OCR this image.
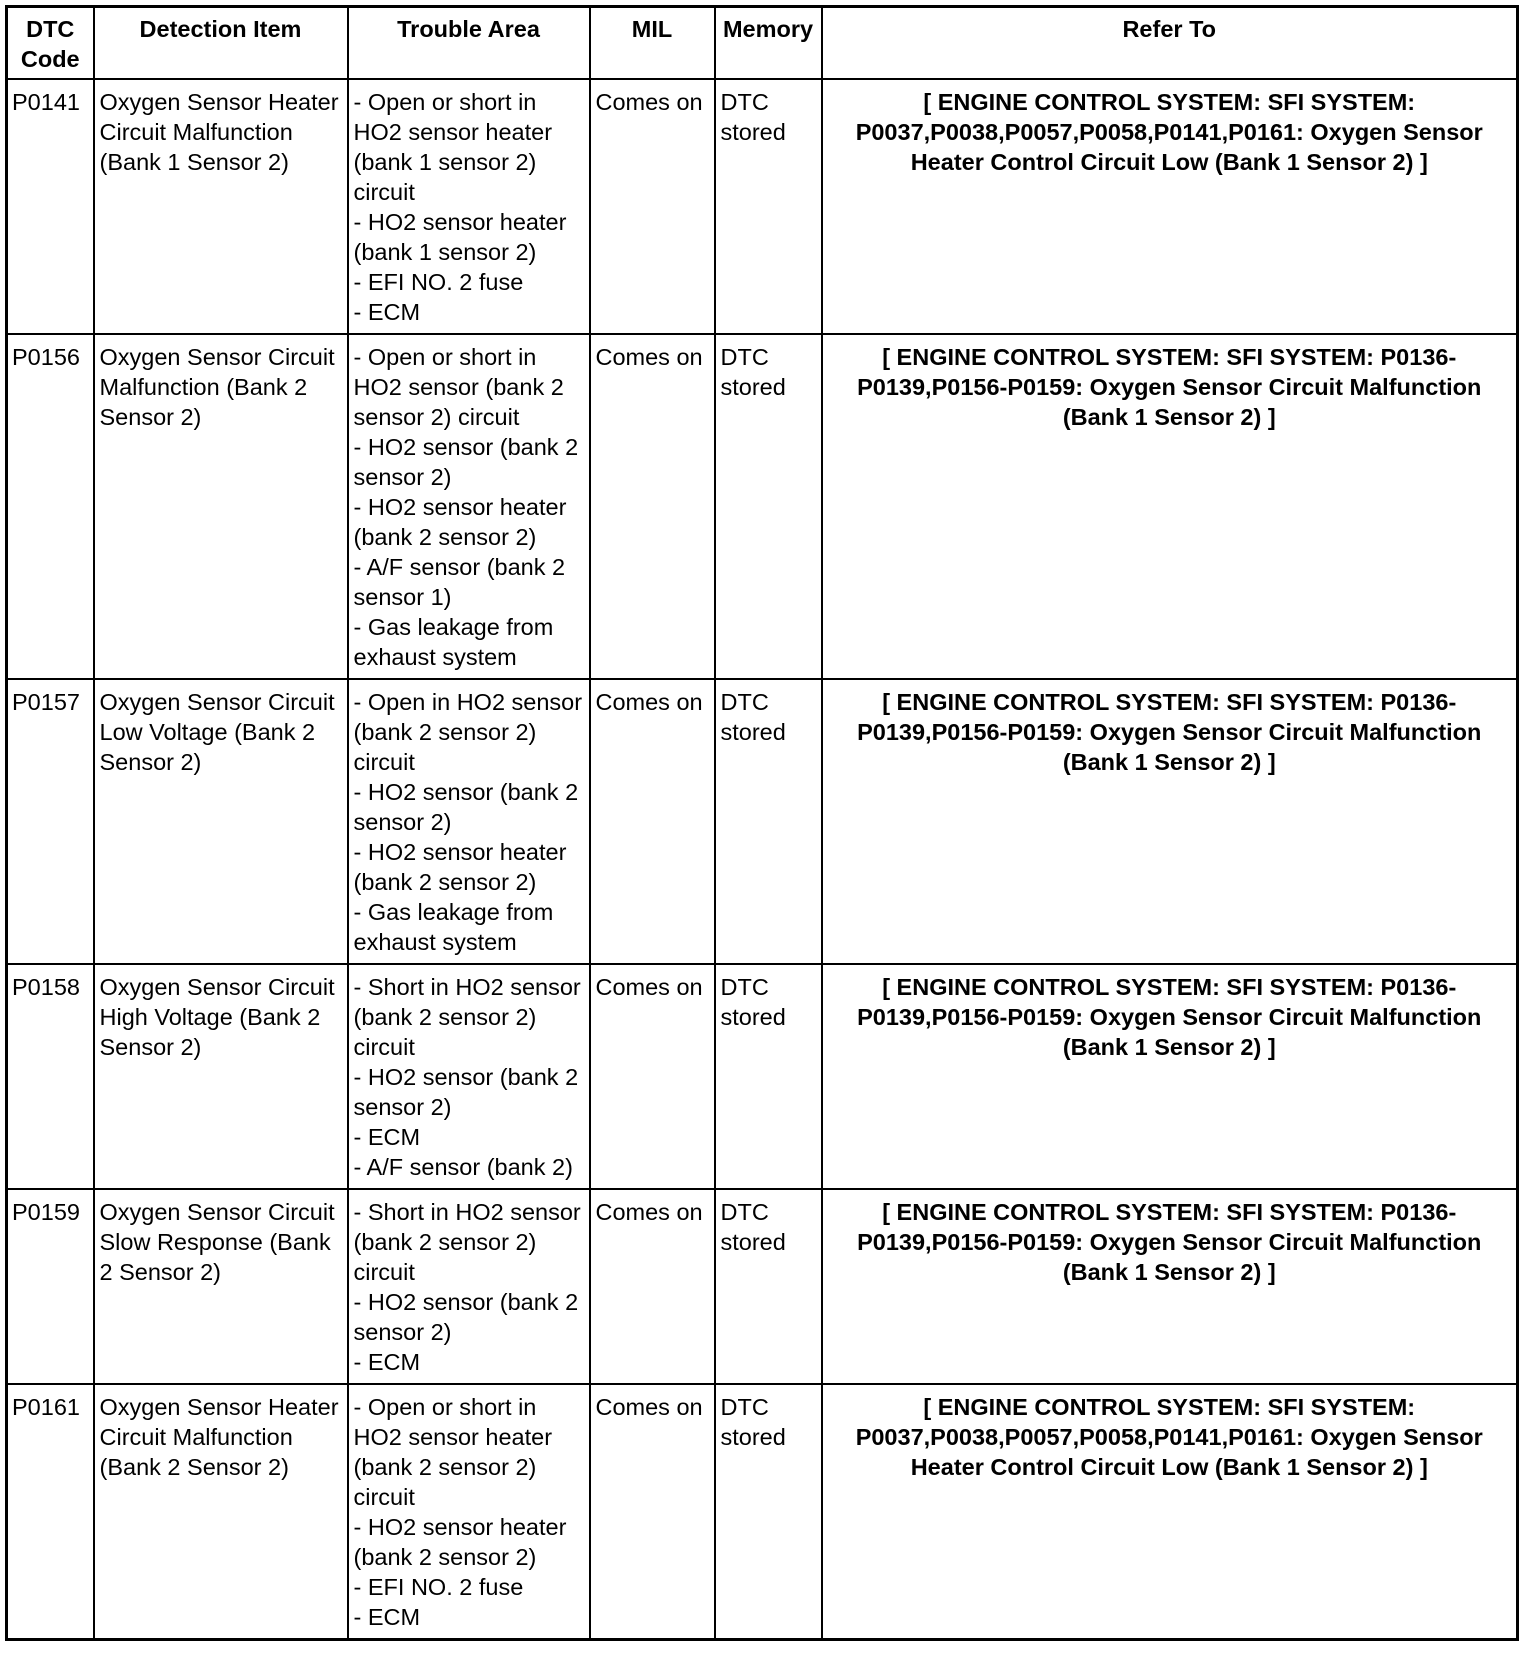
DTC Code	Detection Item	Trouble Area	MIL	Memory	Refer To
P0141	Oxygen Sensor Heater Circuit Malfunction (Bank 1 Sensor 2)	- Open or short in HO2 sensor heater (bank 1 sensor 2) circuit
- HO2 sensor heater (bank 1 sensor 2)
- EFI NO. 2 fuse
- ECM	Comes on	DTC stored	[ ENGINE CONTROL SYSTEM: SFI SYSTEM: P0037,P0038,P0057,P0058,P0141,P0161: Oxygen Sensor Heater Control Circuit Low (Bank 1 Sensor 2) ]
P0156	Oxygen Sensor Circuit Malfunction (Bank 2 Sensor 2)	- Open or short in HO2 sensor (bank 2 sensor 2) circuit
- HO2 sensor (bank 2 sensor 2)
- HO2 sensor heater (bank 2 sensor 2)
- A/F sensor (bank 2 sensor 1)
- Gas leakage from exhaust system	Comes on	DTC stored	[ ENGINE CONTROL SYSTEM: SFI SYSTEM: P0136-P0139,P0156-P0159: Oxygen Sensor Circuit Malfunction (Bank 1 Sensor 2) ]
P0157	Oxygen Sensor Circuit Low Voltage (Bank 2 Sensor 2)	- Open in HO2 sensor (bank 2 sensor 2) circuit
- HO2 sensor (bank 2 sensor 2)
- HO2 sensor heater (bank 2 sensor 2)
- Gas leakage from exhaust system	Comes on	DTC stored	[ ENGINE CONTROL SYSTEM: SFI SYSTEM: P0136-P0139,P0156-P0159: Oxygen Sensor Circuit Malfunction (Bank 1 Sensor 2) ]
P0158	Oxygen Sensor Circuit High Voltage (Bank 2 Sensor 2)	- Short in HO2 sensor (bank 2 sensor 2) circuit
- HO2 sensor (bank 2 sensor 2)
- ECM
- A/F sensor (bank 2)	Comes on	DTC stored	[ ENGINE CONTROL SYSTEM: SFI SYSTEM: P0136-P0139,P0156-P0159: Oxygen Sensor Circuit Malfunction (Bank 1 Sensor 2) ]
P0159	Oxygen Sensor Circuit Slow Response (Bank 2 Sensor 2)	- Short in HO2 sensor (bank 2 sensor 2) circuit
- HO2 sensor (bank 2 sensor 2)
- ECM	Comes on	DTC stored	[ ENGINE CONTROL SYSTEM: SFI SYSTEM: P0136-P0139,P0156-P0159: Oxygen Sensor Circuit Malfunction (Bank 1 Sensor 2) ]
P0161	Oxygen Sensor Heater Circuit Malfunction (Bank 2 Sensor 2)	- Open or short in HO2 sensor heater (bank 2 sensor 2) circuit
- HO2 sensor heater (bank 2 sensor 2)
- EFI NO. 2 fuse
- ECM	Comes on	DTC stored	[ ENGINE CONTROL SYSTEM: SFI SYSTEM: P0037,P0038,P0057,P0058,P0141,P0161: Oxygen Sensor Heater Control Circuit Low (Bank 1 Sensor 2) ]
